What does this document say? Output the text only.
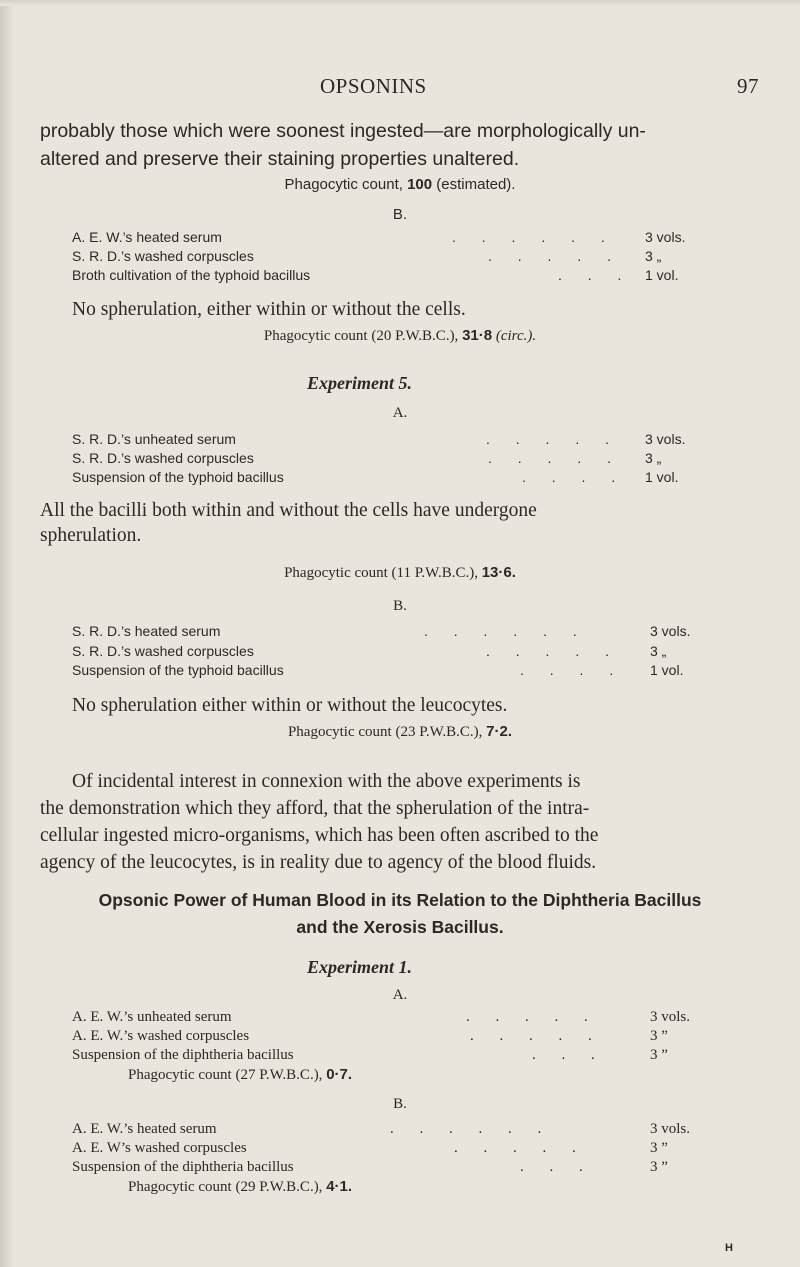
OPSONINS	97
probably those which were soonest ingested—are morphologically un-
altered and preserve their staining properties unaltered.
Phagocytic count, 100 (estimated).
B.
A. E. W.’s heated serum	. . . . . . 3 vols.
S. R. D.’s washed corpuscles	. . . . . 3 „
Broth cultivation of the typhoid bacillus	. . . 1 vol.
No spherulation, either within or without the cells.
Phagocytic count (20 P.W.B.C.), 31·8 (circ.).
Experiment 5.
A.
S. R. D.’s unheated serum	. . . . . 3 vols.
S. R. D.’s washed corpuscles	. . . . . 3 „
Suspension of the typhoid bacillus	. . . . 1 vol.
All the bacilli both within and without the cells have undergone
spherulation.
Phagocytic count (11 P.W.B.C.), 13·6.
B.
S. R. D.’s heated serum	. . . . . .	3 vols.
S. R. D.’s washed corpuscles	. . . . . 3 „
Suspension of the typhoid bacillus	. . . . 1 vol.
No spherulation either within or without the leucocytes.
Phagocytic count (23 P.W.B.C.), 7·2.
Of incidental interest in connexion with the above experiments is
the demonstration which they afford, that the spherulation of the intra-
cellular ingested micro-organisms, which has been often ascribed to the
agency of the leucocytes, is in reality due to agency of the blood fluids.
Opsonic Power of Human Blood in its Relation to the Diphtheria Bacillus
and the Xerosis Bacillus.
Experiment 1.
A.
A. E. W.’s unheated serum	. . . . .	3 vols.
A. E. W.’s washed corpuscles	. . . . .	3 ”
Suspension of the diphtheria bacillus	. . .	3 ”
Phagocytic count (27 P.W.B.C.), 0·7.
B.
A. E. W.’s heated serum	. . . . . .	3 vols.
A. E. W’s washed corpuscles	. . . . .	3 ”
Suspension of the diphtheria bacillus	. . .	3 ”
Phagocytic count (29 P.W.B.C.), 4·1.
H
